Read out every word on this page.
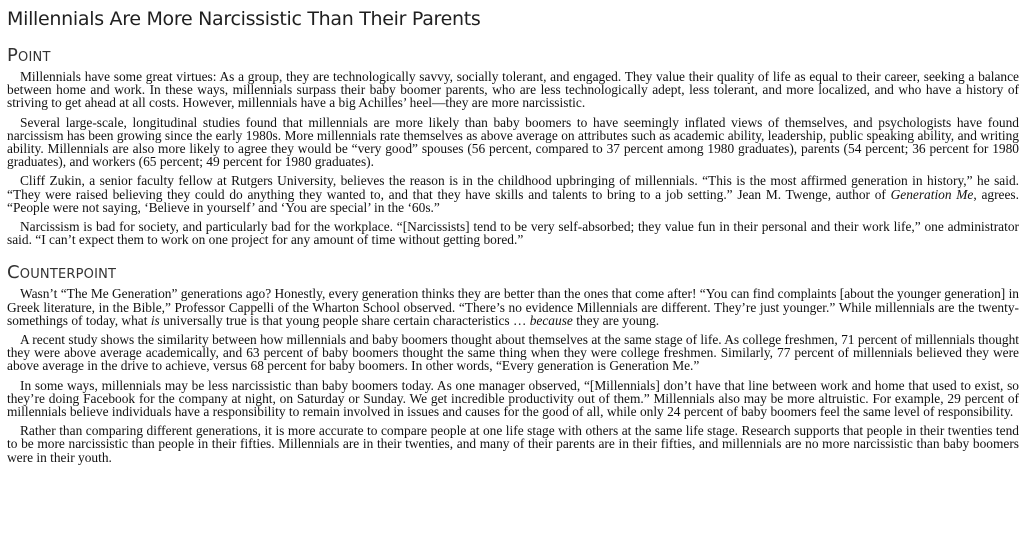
Millennials Are More Narcissistic Than Their Parents
Point

Millennials have some great virtues: As a group, they are technologically savvy, socially tolerant, and engaged. They value their quality of life as equal to their career, seeking a balance between home and work. In these ways, millennials surpass their baby boomer parents, who are less technologically adept, less tolerant, and more localized, and who have a history of striving to get ahead at all costs. However, millennials have a big Achilles’ heel—they are more narcissistic.

Several large-scale, longitudinal studies found that millennials are more likely than baby boomers to have seemingly inflated views of themselves, and psychologists have found narcissism has been growing since the early 1980s. More millennials rate themselves as above average on attributes such as academic ability, leadership, public speaking ability, and writing ability. Millennials are also more likely to agree they would be “very good” spouses (56 percent, compared to 37 percent among 1980 graduates), parents (54 percent; 36 percent for 1980 graduates), and workers (65 percent; 49 percent for 1980 graduates).

Cliff Zukin, a senior faculty fellow at Rutgers University, believes the reason is in the childhood upbringing of millennials. “This is the most affirmed generation in history,” he said. “They were raised believing they could do anything they wanted to, and that they have skills and talents to bring to a job setting.” Jean M. Twenge, author of Generation Me, agrees. “People were not saying, ‘Believe in yourself’ and ‘You are special’ in the ‘60s.”

Narcissism is bad for society, and particularly bad for the workplace. “[Narcissists] tend to be very self-absorbed; they value fun in their personal and their work life,” one administrator said. “I can’t expect them to work on one project for any amount of time without getting bored.”

Counterpoint

Wasn’t “The Me Generation” generations ago? Honestly, every generation thinks they are better than the ones that come after! “You can find complaints [about the younger generation] in Greek literature, in the Bible,” Professor Cappelli of the Wharton School observed. “There’s no evidence Millennials are different. They’re just younger.” While millennials are the twenty-somethings of today, what is universally true is that young people share certain characteristics … because they are young.

A recent study shows the similarity between how millennials and baby boomers thought about themselves at the same stage of life. As college freshmen, 71 percent of millennials thought they were above average academically, and 63 percent of baby boomers thought the same thing when they were college freshmen. Similarly, 77 percent of millennials believed they were above average in the drive to achieve, versus 68 percent for baby boomers. In other words, “Every generation is Generation Me.”

In some ways, millennials may be less narcissistic than baby boomers today. As one manager observed, “[Millennials] don’t have that line between work and home that used to exist, so they’re doing Facebook for the company at night, on Saturday or Sunday. We get incredible productivity out of them.” Millennials also may be more altruistic. For example, 29 percent of millennials believe individuals have a responsibility to remain involved in issues and causes for the good of all, while only 24 percent of baby boomers feel the same level of responsibility.

Rather than comparing different generations, it is more accurate to compare people at one life stage with others at the same life stage. Research supports that people in their twenties tend to be more narcissistic than people in their fifties. Millennials are in their twenties, and many of their parents are in their fifties, and millennials are no more narcissistic than baby boomers were in their youth.
